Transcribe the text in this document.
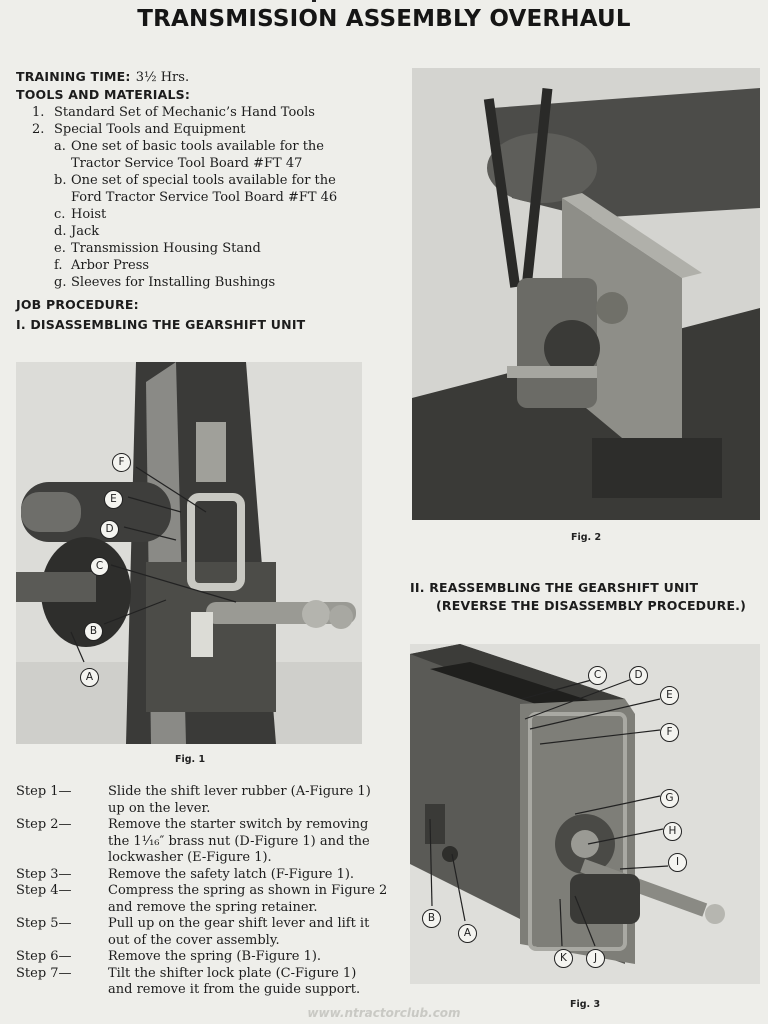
TRANSMISSION ASSEMBLY OVERHAUL
TRAINING TIME: 3½ Hrs.
TOOLS AND MATERIALS:
1. Standard Set of Mechanic’s Hand Tools
2. Special Tools and Equipment
a. One set of basic tools available for the
Tractor Service Tool Board #FT 47
b. One set of special tools available for the
Ford Tractor Service Tool Board #FT 46
c. Hoist
d. Jack
e. Transmission Housing Stand
f. Arbor Press
g. Sleeves for Installing Bushings
JOB PROCEDURE:
I. DISASSEMBLING THE GEARSHIFT UNIT
F
E
D
C
B
A
Fig. 1
Fig. 2
II. REASSEMBLING THE GEARSHIFT UNIT
(REVERSE THE DISASSEMBLY PROCEDURE.)
C	D
E
F
G
H
I
B
A
K	J
Fig. 3
Step 1—	Slide the shift lever rubber (A-Figure 1)
up on the lever.
Step 2—	Remove the starter switch by removing
the 1¹⁄₁₆″ brass nut (D-Figure 1) and the
lockwasher (E-Figure 1).
Step 3—	Remove the safety latch (F-Figure 1).
Step 4—	Compress the spring as shown in Figure 2
and remove the spring retainer.
Step 5—	Pull up on the gear shift lever and lift it
out of the cover assembly.
Step 6—	Remove the spring (B-Figure 1).
Step 7—	Tilt the shifter lock plate (C-Figure 1)
and remove it from the guide support.
www.ntractorclub.com
